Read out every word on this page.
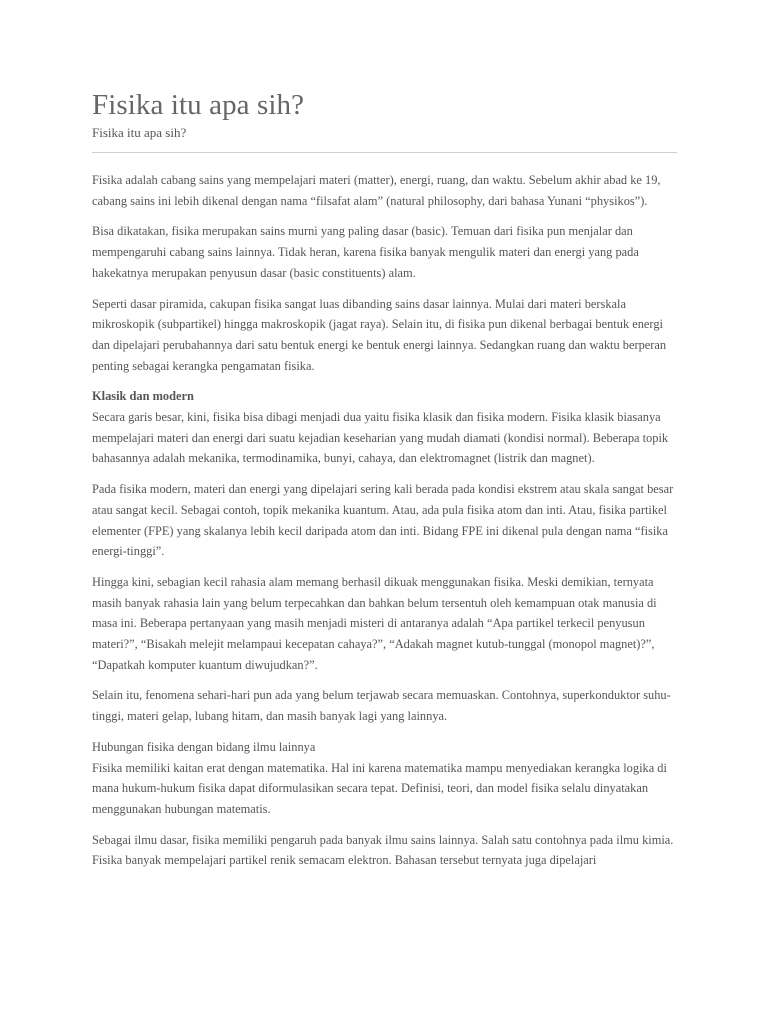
Fisika itu apa sih?

Fisika itu apa sih?

Fisika adalah cabang sains yang mempelajari materi (matter), energi, ruang, dan waktu. Sebelum akhir abad ke 19, cabang sains ini lebih dikenal dengan nama “filsafat alam” (natural philosophy, dari bahasa Yunani “physikos”).

Bisa dikatakan, fisika merupakan sains murni yang paling dasar (basic). Temuan dari fisika pun menjalar dan mempengaruhi cabang sains lainnya. Tidak heran, karena fisika banyak mengulik materi dan energi yang pada hakekatnya merupakan penyusun dasar (basic constituents) alam.

Seperti dasar piramida, cakupan fisika sangat luas dibanding sains dasar lainnya. Mulai dari materi berskala mikroskopik (subpartikel) hingga makroskopik (jagat raya). Selain itu, di fisika pun dikenal berbagai bentuk energi dan dipelajari perubahannya dari satu bentuk energi ke bentuk energi lainnya. Sedangkan ruang dan waktu berperan penting sebagai kerangka pengamatan fisika.

Klasik dan modern

Secara garis besar, kini, fisika bisa dibagi menjadi dua yaitu fisika klasik dan fisika modern. Fisika klasik biasanya mempelajari materi dan energi dari suatu kejadian keseharian yang mudah diamati (kondisi normal). Beberapa topik bahasannya adalah mekanika, termodinamika, bunyi, cahaya, dan elektromagnet (listrik dan magnet).

Pada fisika modern, materi dan energi yang dipelajari sering kali berada pada kondisi ekstrem atau skala sangat besar atau sangat kecil. Sebagai contoh, topik mekanika kuantum. Atau, ada pula fisika atom dan inti. Atau, fisika partikel elementer (FPE) yang skalanya lebih kecil daripada atom dan inti. Bidang FPE ini dikenal pula dengan nama “fisika energi-tinggi”.

Hingga kini, sebagian kecil rahasia alam memang berhasil dikuak menggunakan fisika. Meski demikian, ternyata masih banyak rahasia lain yang belum terpecahkan dan bahkan belum tersentuh oleh kemampuan otak manusia di masa ini. Beberapa pertanyaan yang masih menjadi misteri di antaranya adalah “Apa partikel terkecil penyusun materi?”, “Bisakah melejit melampaui kecepatan cahaya?”, “Adakah magnet kutub-tunggal (monopol magnet)?”, “Dapatkah komputer kuantum diwujudkan?”.

Selain itu, fenomena sehari-hari pun ada yang belum terjawab secara memuaskan. Contohnya, superkonduktor suhu-tinggi, materi gelap, lubang hitam, dan masih banyak lagi yang lainnya.

Hubungan fisika dengan bidang ilmu lainnya

Fisika memiliki kaitan erat dengan matematika. Hal ini karena matematika mampu menyediakan kerangka logika di mana hukum-hukum fisika dapat diformulasikan secara tepat. Definisi, teori, dan model fisika selalu dinyatakan menggunakan hubungan matematis.

Sebagai ilmu dasar, fisika memiliki pengaruh pada banyak ilmu sains lainnya. Salah satu contohnya pada ilmu kimia. Fisika banyak mempelajari partikel renik semacam elektron. Bahasan tersebut ternyata juga dipelajari
